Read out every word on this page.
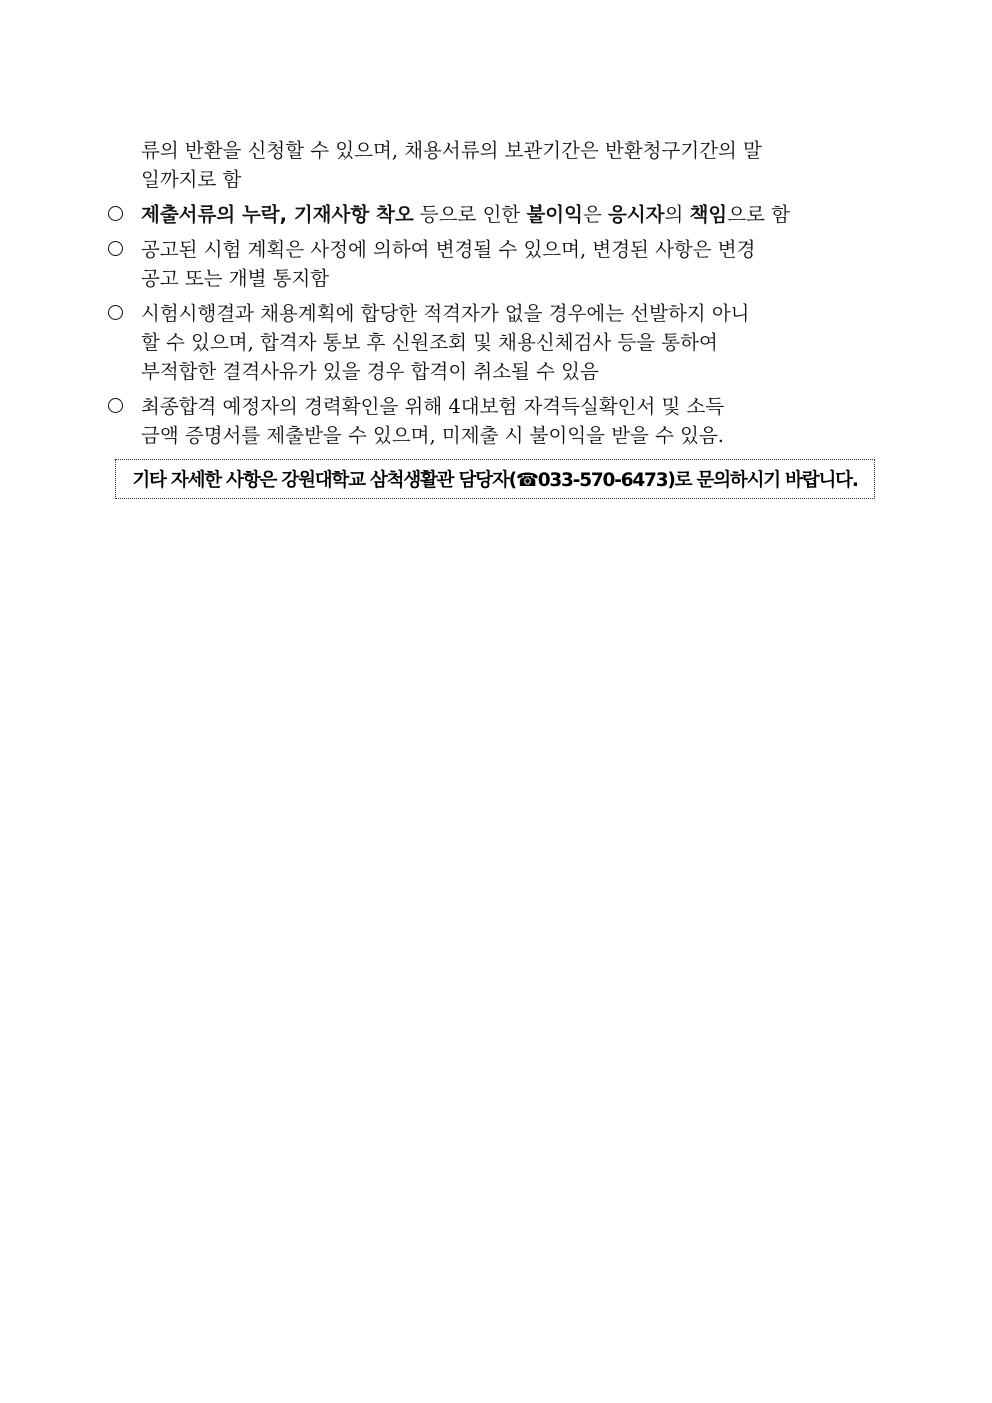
류의 반환을 신청할 수 있으며, 채용서류의 보관기간은 반환청구기간의 말
일까지로 함

제출서류의 누락, 기재사항 착오 등으로 인한 불이익은 응시자의 책임으로 함
공고된 시험 계획은 사정에 의하여 변경될 수 있으며, 변경된 사항은 변경
공고 또는 개별 통지함
시험시행결과 채용계획에 합당한 적격자가 없을 경우에는 선발하지 아니
할 수 있으며, 합격자 통보 후 신원조회 및 채용신체검사 등을 통하여
부적합한 결격사유가 있을 경우 합격이 취소될 수 있음
최종합격 예정자의 경력확인을 위해 4대보험 자격득실확인서 및 소득
금액 증명서를 제출받을 수 있으며, 미제출 시 불이익을 받을 수 있음.
기타 자세한 사항은 강원대학교 삼척생활관 담당자(☎033-570-6473)로 문의하시기 바랍니다.
